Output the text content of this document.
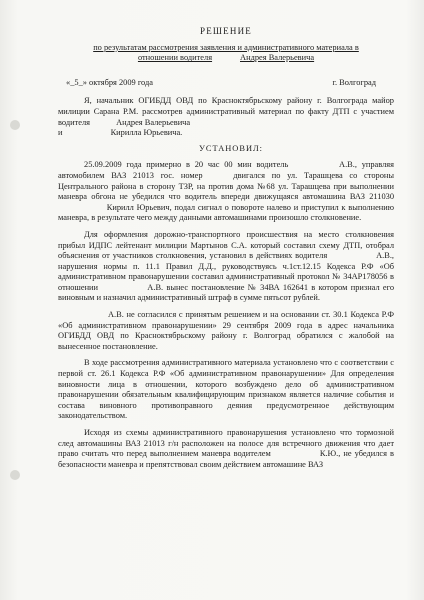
РЕШЕНИЕ
по результатам рассмотрения заявления и административного материала в
отношении водителя	Андрея Валерьевича
«_5_» октября 2009 года	г. Волгоград

Я, начальник ОГИБДД ОВД по Красноктябрьскому району г. Волгограда майор милиции Сарана Р.М. рассмотрев административный материал по факту ДТП с участием водителя	Андрея Валерьевича
и	Кирилла Юрьевича.

УСТАНОВИЛ:

25.09.2009 года примерно в 20 час 00 мин водитель	А.В., управляя автомобилем ВАЗ 21013 гос. номер	двигался по ул. Тарашцева со стороны Центрального района в сторону ТЗР, на против дома №68 ул. Тарашцева при выполнении маневра обгона не убедился что водитель впереди движущаяся автомашина ВАЗ 211030 Кирилл Юрьевич, подал сигнал о повороте налево и приступил к выполнению маневра, в результате чего между данными автомашинами произошло столкновение.

Для оформления дорожно-транспортного происшествия на место столкновения прибыл ИДПС лейтенант милиции Мартынов С.А. который составил схему ДТП, отобрал объяснения от участников столкновения, установил в действиях водителя	А.В., нарушения нормы п. 11.1 Правил Д.Д., руководствуясь ч.1ст.12.15 Кодекса Р.Ф «Об административном правонарушении составил административный протокол № 34АР178056 в отношении	А.В. вынес постановление № 34ВА 162641 в котором признал его виновным и назначил административный штраф в сумме пятьсот рублей.

А.В. не согласился с принятым решением и на основании ст. 30.1 Кодекса Р.Ф «Об административном правонарушении» 29 сентября 2009 года в адрес начальника ОГИБДД ОВД по Красноктябрьскому району г. Волгоград обратился с жалобой на вынесенное постановление.

В ходе рассмотрения административного материала установлено что с соответствии с первой ст. 26.1 Кодекса Р.Ф «Об административном правонарушении» Для определения виновности лица в отношении, которого возбуждено дело об административном правонарушении обязательным квалифицирующим признаком является наличие события и состава виновного противоправного деяния предусмотренное действующим законодательством.

Исходя из схемы административного правонарушения установлено что тормозной след автомашины ВАЗ 21013 г/н расположен на полосе для встречного движения что дает право считать что перед выполнением маневра водителем	К.Ю., не убедился в безопасности маневра и препятствовал своим действием автомашине ВАЗ
